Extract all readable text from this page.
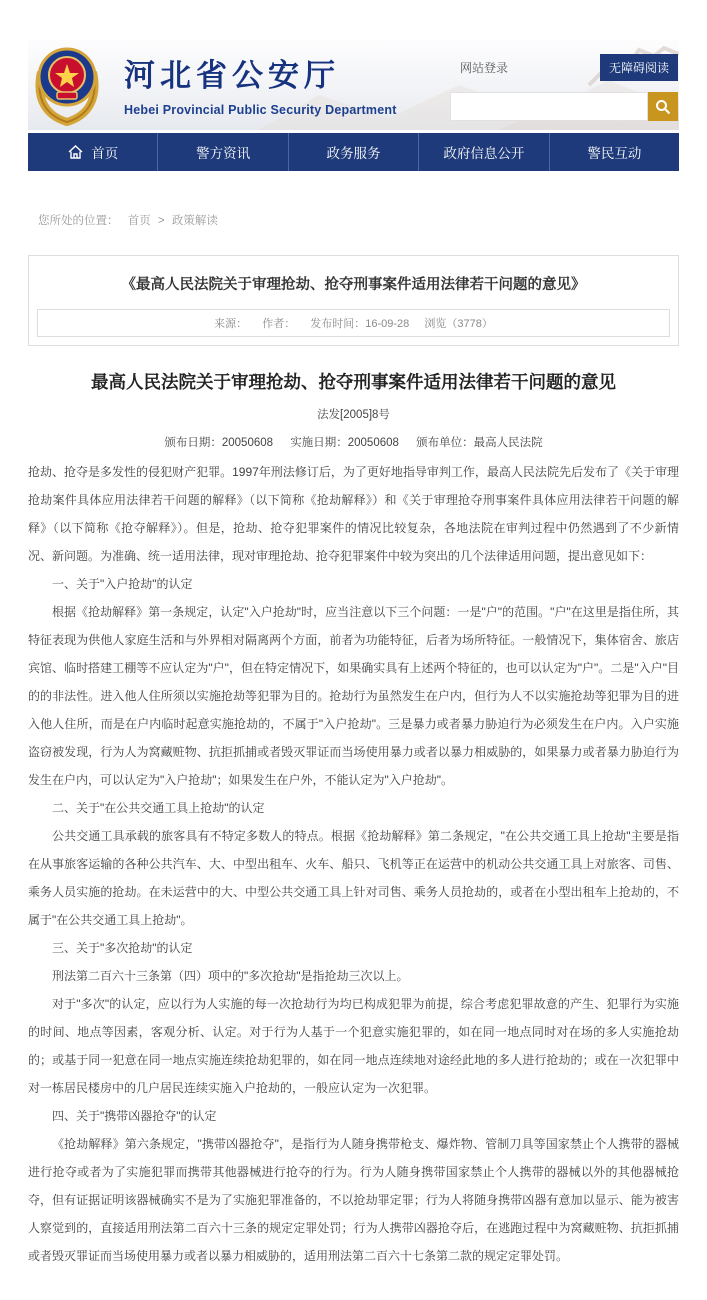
河北省公安厅
Hebei Provincial Public Security Department
网站登录	无障碍阅读
首页	警方资讯	政务服务	政府信息公开	警民互动
您所处的位置： 首页 > 政策解读
《最高人民法院关于审理抢劫、抢夺刑事案件适用法律若干问题的意见》
来源： 作者： 发布时间：16-09-28 浏览（3778）
最高人民法院关于审理抢劫、抢夺刑事案件适用法律若干问题的意见
法发[2005]8号
颁布日期：20050608 实施日期：20050608 颁布单位：最高人民法院

抢劫、抢夺是多发性的侵犯财产犯罪。1997年刑法修订后，为了更好地指导审判工作，最高人民法院先后发布了《关于审理抢劫案件具体应用法律若干问题的解释》（以下简称《抢劫解释》）和《关于审理抢夺刑事案件具体应用法律若干问题的解释》（以下简称《抢夺解释》）。但是，抢劫、抢夺犯罪案件的情况比较复杂，各地法院在审判过程中仍然遇到了不少新情况、新问题。为准确、统一适用法律，现对审理抢劫、抢夺犯罪案件中较为突出的几个法律适用问题，提出意见如下：

一、关于"入户抢劫"的认定

根据《抢劫解释》第一条规定，认定"入户抢劫"时，应当注意以下三个问题：一是"户"的范围。"户"在这里是指住所，其特征表现为供他人家庭生活和与外界相对隔离两个方面，前者为功能特征，后者为场所特征。一般情况下，集体宿舍、旅店宾馆、临时搭建工棚等不应认定为"户"，但在特定情况下，如果确实具有上述两个特征的，也可以认定为"户"。二是"入户"目的的非法性。进入他人住所须以实施抢劫等犯罪为目的。抢劫行为虽然发生在户内，但行为人不以实施抢劫等犯罪为目的进入他人住所，而是在户内临时起意实施抢劫的，不属于"入户抢劫"。三是暴力或者暴力胁迫行为必须发生在户内。入户实施盗窃被发现，行为人为窝藏赃物、抗拒抓捕或者毁灭罪证而当场使用暴力或者以暴力相威胁的，如果暴力或者暴力胁迫行为发生在户内，可以认定为"入户抢劫"；如果发生在户外，不能认定为"入户抢劫"。

二、关于"在公共交通工具上抢劫"的认定

公共交通工具承载的旅客具有不特定多数人的特点。根据《抢劫解释》第二条规定，"在公共交通工具上抢劫"主要是指在从事旅客运输的各种公共汽车、大、中型出租车、火车、船只、飞机等正在运营中的机动公共交通工具上对旅客、司售、乘务人员实施的抢劫。在未运营中的大、中型公共交通工具上针对司售、乘务人员抢劫的，或者在小型出租车上抢劫的，不属于"在公共交通工具上抢劫"。

三、关于"多次抢劫"的认定

刑法第二百六十三条第（四）项中的"多次抢劫"是指抢劫三次以上。

对于"多次"的认定，应以行为人实施的每一次抢劫行为均已构成犯罪为前提，综合考虑犯罪故意的产生、犯罪行为实施的时间、地点等因素，客观分析、认定。对于行为人基于一个犯意实施犯罪的，如在同一地点同时对在场的多人实施抢劫的；或基于同一犯意在同一地点实施连续抢劫犯罪的，如在同一地点连续地对途经此地的多人进行抢劫的；或在一次犯罪中对一栋居民楼房中的几户居民连续实施入户抢劫的，一般应认定为一次犯罪。

四、关于"携带凶器抢夺"的认定

《抢劫解释》第六条规定，"携带凶器抢夺"，是指行为人随身携带枪支、爆炸物、管制刀具等国家禁止个人携带的器械进行抢夺或者为了实施犯罪而携带其他器械进行抢夺的行为。行为人随身携带国家禁止个人携带的器械以外的其他器械抢夺，但有证据证明该器械确实不是为了实施犯罪准备的，不以抢劫罪定罪；行为人将随身携带凶器有意加以显示、能为被害人察觉到的，直接适用刑法第二百六十三条的规定定罪处罚；行为人携带凶器抢夺后，在逃跑过程中为窝藏赃物、抗拒抓捕或者毁灭罪证而当场使用暴力或者以暴力相威胁的，适用刑法第二百六十七条第二款的规定定罪处罚。
